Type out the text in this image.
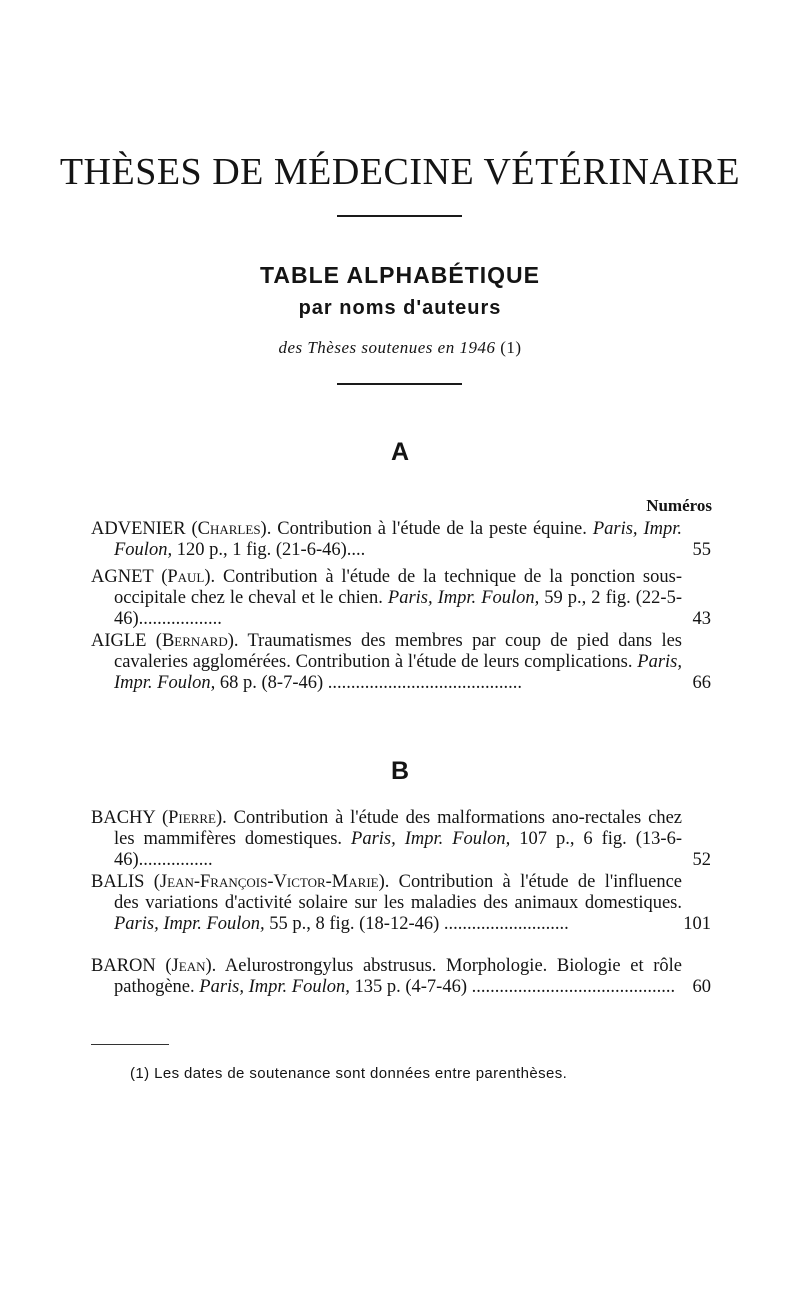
THÈSES DE MÉDECINE VÉTÉRINAIRE

TABLE ALPHABÉTIQUE

par noms d'auteurs

des Thèses soutenues en 1946 (1)

A

Numéros

ADVENIER (Charles). Contribution à l'étude de la peste équine. Paris, Impr. Foulon, 120 p., 1 fig. (21-6-46)....	55
AGNET (Paul). Contribution à l'étude de la technique de la ponction sous-occipitale chez le cheval et le chien. Paris, Impr. Foulon, 59 p., 2 fig. (22-5-46)..................	43
AIGLE (Bernard). Traumatismes des membres par coup de pied dans les cavaleries agglomérées. Contribution à l'étude de leurs complications. Paris, Impr. Foulon, 68 p. (8-7-46) ..........................................	66

B

BACHY (Pierre). Contribution à l'étude des malformations ano-rectales chez les mammifères domestiques. Paris, Impr. Foulon, 107 p., 6 fig. (13-6-46)................	52
BALIS (Jean-François-Victor-Marie). Contribution à l'étude de l'influence des variations d'activité solaire sur les maladies des animaux domestiques. Paris, Impr. Foulon, 55 p., 8 fig. (18-12-46) ...........................	101
BARON (Jean). Aelurostrongylus abstrusus. Morphologie. Biologie et rôle pathogène. Paris, Impr. Foulon, 135 p. (4-7-46) ............................................ 60

(1) Les dates de soutenance sont données entre parenthèses.
